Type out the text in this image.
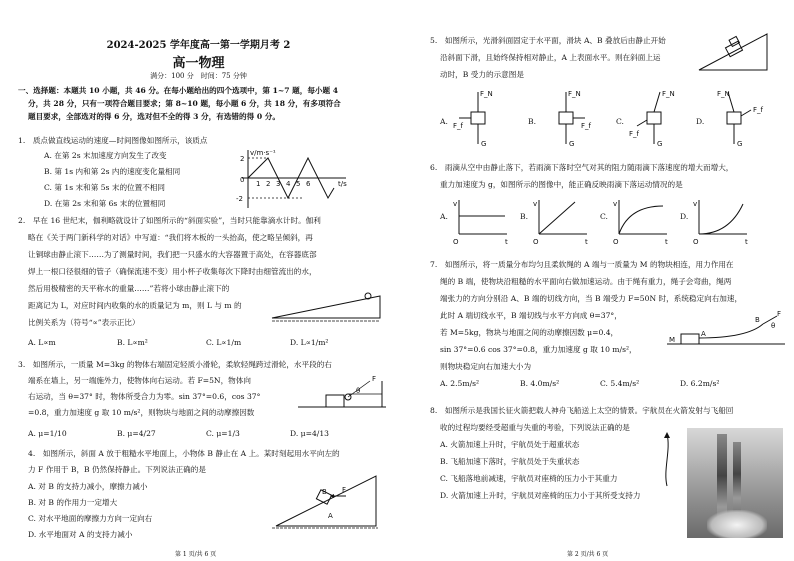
2024-2025 学年度高一第一学期月考 2
高一物理
满分：100 分　时间：75 分钟
一、选择题：本题共 10 小题，共 46 分。在每小题给出的四个选项中，第 1~7 题，每小题 4
分，共 28 分，只有一项符合题目要求；第 8~10 题，每小题 6 分，共 18 分，有多项符合
题目要求，全部选对的得 6 分，选对但不全的得 3 分，有选错的得 0 分。
1.　质点做直线运动的速度—时间图像如图所示，该质点
A. 在第 2s 末加速度方向发生了改变
B. 第 1s 内和第 2s 内的速度变化量相同
C. 第 1s 末和第 5s 末的位置不相同
D. 在第 2s 末和第 6s 末的位置相同
v/m·s⁻¹
t/s
2
0
-2
1 2 3 4 5 6
2.　早在 16 世纪末，伽利略就设计了如图所示的“斜面实验”，当时只能靠滴水计时。伽利
略在《关于两门新科学的对话》中写道：“我们将木板的一头抬高，使之略呈倾斜，再
让铜球由静止滚下……为了测量时间，我们把一只盛水的大容器置于高处，在容器底部
焊上一根口径很细的管子（确保流速不变）用小杯子收集每次下降时由细管流出的水，
然后用极精密的天平称水的重量……”若将小球由静止滚下的
距离记为 L，对应时间内收集的水的质量记为 m，则 L 与 m 的
比例关系为（符号“∝”表示正比）
A. L∝m	B. L∝m²	C. L∝1/m	D. L∝1/m²
3.　如图所示，一质量 M=3kg 的物体右端固定轻质小滑轮，柔软轻绳跨过滑轮，水平段的右
端系在墙上，另一端施外力，使物体向右运动。若 F=5N，物体向
右运动，当 θ=37° 时，物体所受合力为零。sin 37°=0.6，cos 37°
=0.8，重力加速度 g 取 10 m/s²，则物块与地面之间的动摩擦因数
F
θ
A. μ=1/10	B. μ=4/27	C. μ=1/3	D. μ=4/13
4.　如图所示，斜面 A 放于粗糙水平地面上，小物体 B 静止在 A 上。某时刻起用水平向左的
力 F 作用于 B，B 仍然保持静止。下列说法正确的是
A. 对 B 的支持力减小，摩擦力减小
B. 对 B 的作用力一定增大
C. 对水平地面的摩擦力方向一定向右
D. 水平地面对 A 的支持力减小
F
B
A
第 1 页/共 6 页
5.　如图所示，光滑斜面固定于水平面，滑块 A、B 叠放后由静止开始
沿斜面下滑，且始终保持相对静止，A 上表面水平。则在斜面上运
动时，B 受力的示意图是
F_N
F_f
G
F_N
F_f
G
F_N
F_f
G
F_N
F_f
G
A.	B.	C.	D.
6.　雨滴从空中由静止落下，若雨滴下落时空气对其的阻力随雨滴下落速度的增大而增大，
重力加速度为 g，如图所示的图像中，能正确反映雨滴下落运动情况的是
v
O	t
v
O	t
v
O	t
v
O	t
A.	B.	C.	D.
7.　如图所示，将一质量分布均匀且柔软绳的 A 端与一质量为 M 的物块相连，用力作用在
绳的 B 端，使物块沿粗糙的水平面向右做加速运动。由于绳有重力，绳子会弯曲，绳两
端张力的方向分别沿 A、B 端的切线方向，当 B 端受力 F=50N 时，系统稳定向右加速，
此时 A 端切线水平，B 端切线与水平方向成 θ=37°，
若 M=5kg，物块与地面之间的动摩擦因数 μ=0.4，
sin 37°=0.6 cos 37°=0.8，重力加速度 g 取 10 m/s²，
则物块稳定向右加速大小为
M
A
B
F
θ
A. 2.5m/s²	B. 4.0m/s²	C. 5.4m/s²	D. 6.2m/s²
8.　如图所示是我国长征火箭把载人神舟飞船送上太空的情景。宇航员在火箭发射与飞船回
收的过程均要经受超重与失重的考验，下列说法正确的是
A. 火箭加速上升时，宇航员处于超重状态
B. 飞船加速下落时，宇航员处于失重状态
C. 飞船落地前减速，宇航员对座椅的压力小于其重力
D. 火箭加速上升时，宇航员对座椅的压力小于其所受支持力
第 2 页/共 6 页
